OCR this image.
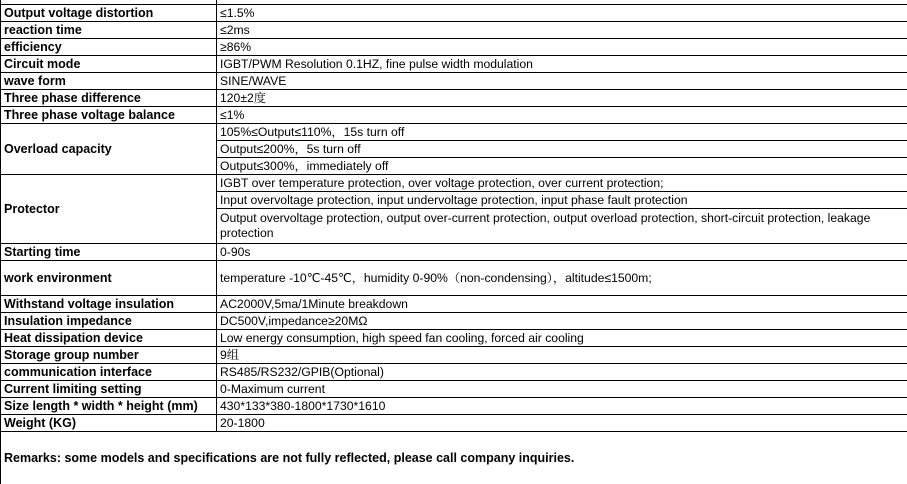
Output voltage distortion	≤1.5%
reaction time	≤2ms
efficiency	≥86%
Circuit mode	IGBT/PWM Resolution 0.1HZ, fine pulse width modulation
wave form	SINE/WAVE
Three phase difference	120±2度
Three phase voltage balance	≤1%
Overload capacity	105%≤Output≤110%，15s turn off
	Output≤200%，5s turn off
	Output≤300%，immediately off
Protector	IGBT over temperature protection, over voltage protection, over current protection;
	Input overvoltage protection, input undervoltage protection, input phase fault protection
	Output overvoltage protection, output over-current protection, output overload protection, short-circuit protection, leakage protection
Starting time	0-90s
work environment	temperature -10℃-45℃，humidity 0-90%（non-condensing），altitude≤1500m;
Withstand voltage insulation	AC2000V,5ma/1Minute breakdown
Insulation impedance	DC500V,impedance≥20MΩ
Heat dissipation device	Low energy consumption, high speed fan cooling, forced air cooling
Storage group number	9组
communication interface	RS485/RS232/GPIB(Optional)
Current limiting setting	0-Maximum current
Size length * width * height (mm)	430*133*380-1800*1730*1610
Weight (KG)	20-1800
Remarks: some models and specifications are not fully reflected, please call company inquiries.	
